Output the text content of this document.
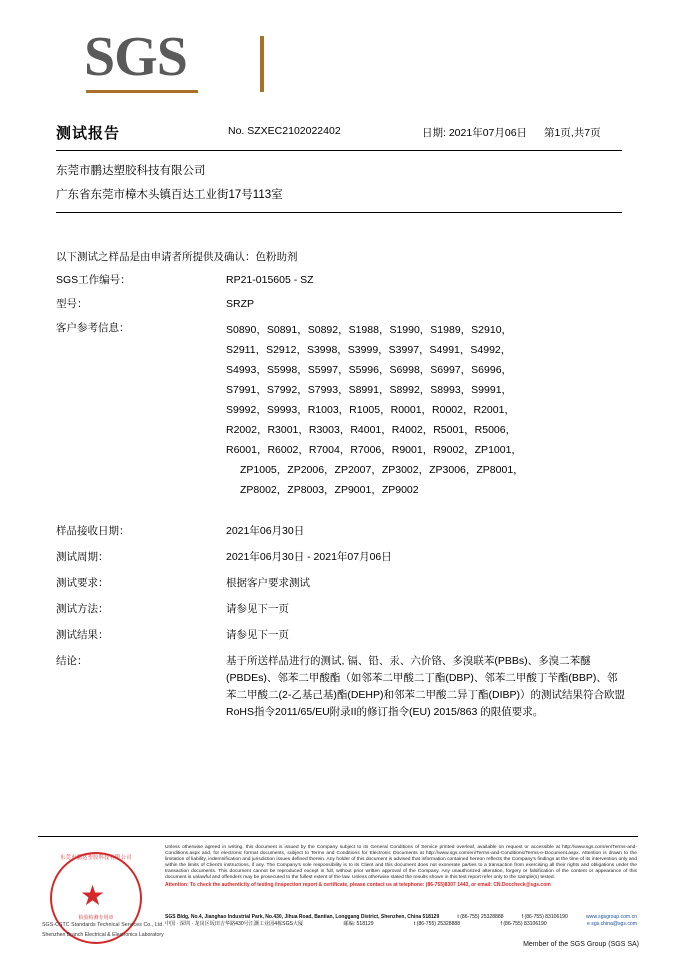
SGS
测试报告	No. SZXEC2102022402	日期: 2021年07月06日 第1页,共7页
东莞市鹏达塑胶科技有限公司
广东省东莞市樟木头镇百达工业街17号113室
以下测试之样品是由申请者所提供及确认：色粉助剂
SGS工作编号：	RP21-015605 - SZ
型号：	SRZP
客户参考信息：	S0890，S0891，S0892，S1988，S1990，S1989，S2910，
S2911，S2912，S3998，S3999，S3997，S4991，S4992，
S4993，S5998，S5997，S5996，S6998，S6997，S6996，
S7991，S7992，S7993，S8991，S8992，S8993，S9991，
S9992，S9993，R1003，R1005，R0001，R0002，R2001，
R2002，R3001，R3003，R4001，R4002，R5001，R5006，
R6001，R6002，R7004，R7006，R9001，R9002，ZP1001，
ZP1005，ZP2006，ZP2007，ZP3002，ZP3006，ZP8001，
ZP8002，ZP8003，ZP9001，ZP9002
样品接收日期：	2021年06月30日
测试周期：	2021年06月30日 - 2021年07月06日
测试要求：	根据客户要求测试
测试方法：	请参见下一页
测试结果：	请参见下一页
结论：	基于所送样品进行的测试, 镉、铅、汞、六价铬、多溴联苯(PBBs)、多溴二苯醚(PBDEs)、邻苯二甲酸酯（如邻苯二甲酸二丁酯(DBP)、邻苯二甲酸丁苄酯(BBP)、邻苯二甲酸二(2-乙基己基)酯(DEHP)和邻苯二甲酸二异丁酯(DIBP)）的测试结果符合欧盟RoHS指令2011/65/EU附录II的修订指令(EU) 2015/863 的限值要求。
东莞市鹏达塑胶科技有限公司
★
检验检测专用章
SGS-CSTC Standards Technical Services Co., Ltd.
Shenzhen Branch Electrical & Electronics Laboratory
Unless otherwise agreed in writing, this document is issued by the Company subject to its General Conditions of Service printed overleaf, available on request or accessible at http://www.sgs.com/en/Terms-and-Conditions.aspx and, for electronic format documents, subject to Terms and Conditions for Electronic Documents at http://www.sgs.com/en/Terms-and-Conditions/Terms-e-Document.aspx. Attention is drawn to the limitation of liability, indemnification and jurisdiction issues defined therein. Any holder of this document is advised that information contained hereon reflects the Company's findings at the time of its intervention only and within the limits of Client's instructions, if any. The Company's sole responsibility is to its Client and this document does not exonerate parties to a transaction from exercising all their rights and obligations under the transaction documents. This document cannot be reproduced except in full, without prior written approval of the Company. Any unauthorized alteration, forgery or falsification of the content or appearance of this document is unlawful and offenders may be prosecuted to the fullest extent of the law. Unless otherwise stated the results shown in this test report refer only to the sample(s) tested.
Attention: To check the authenticity of testing /inspection report & certificate, please contact us at telephone: (86-755)8307 1443, or email: CN.Doccheck@sgs.com
SGS Bldg, No.4, Jianghao Industrial Park, No.430, Jihua Road, Bantian, Longgang District, Shenzhen, China 518129	t (86-755) 25328888	f (86-755) 83106190	www.sgsgroup.com.cn
中国 · 深圳 · 龙岗区坂田吉华路430号江灏工业园4栋SGS大厦	邮编: 518129	t (86-755) 25328888	f (86-755) 83106190	e sgs.china@sgs.com
Member of the SGS Group (SGS SA)
